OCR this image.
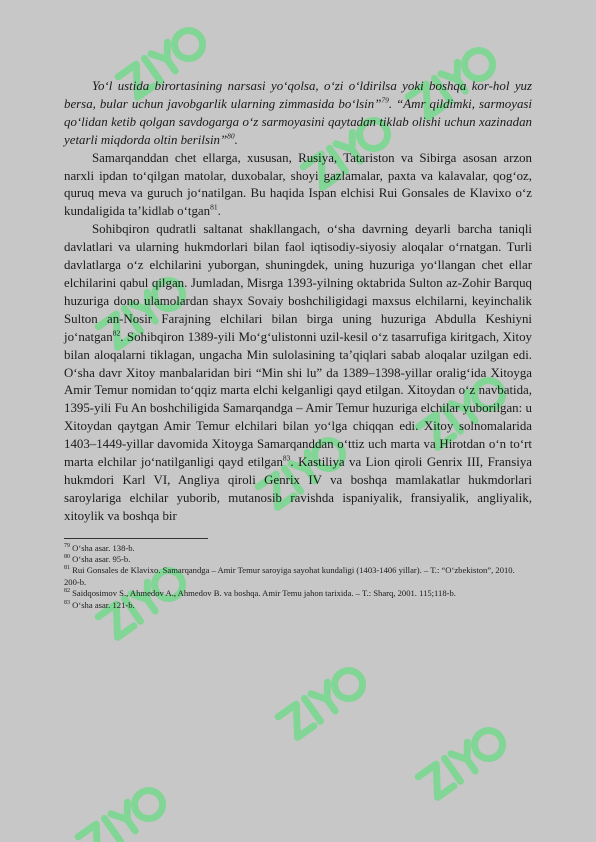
Yo‘l ustida birortasining narsasi yo‘qolsa, o‘zi o‘ldirilsa yoki boshqa kor-hol yuz bersa, bular uchun javobgarlik ularning zimmasida bo‘lsin”$^{79}$. “Amr qildimki, sarmoyasi qo‘lidan ketib qolgan savdogarga o‘z sarmoyasini qaytadan tiklab olishi uchun xazinadan yetarli miqdorda oltin berilsin”$^{80}$.

Samarqanddan chet ellarga, xususan, Rusiya, Tatariston va Sibirga asosan arzon narxli ipdan to‘qilgan matolar, duxobalar, shoyi gazlamalar, paxta va kalavalar, qog‘oz, quruq meva va guruch jo‘natilgan. Bu haqida Ispan elchisi Rui Gonsales de Klavixo o‘z kundaligida ta’kidlab o‘tgan$^{81}$.

Sohibqiron qudratli saltanat shakllangach, o‘sha davrning deyarli barcha taniqli davlatlari va ularning hukmdorlari bilan faol iqtisodiy-siyosiy aloqalar o‘rnatgan. Turli davlatlarga o‘z elchilarini yuborgan, shuningdek, uning huzuriga yo‘llangan chet ellar elchilarini qabul qilgan. Jumladan, Misrga 1393-yilning oktabrida Sulton az-Zohir Barquq huzuriga dono ulamolardan shayx Sovaiy boshchiligidagi maxsus elchilarni, keyinchalik Sulton an-Nosir Farajning elchilari bilan birga uning huzuriga Abdulla Keshiyni jo‘natgan$^{82}$. Sohibqiron 1389-yili Mo‘g‘ulistonni uzil-kesil o‘z tasarrufiga kiritgach, Xitoy bilan aloqalarni tiklagan, ungacha Min sulolasining ta’qiqlari sabab aloqalar uzilgan edi. O‘sha davr Xitoy manbalaridan biri “Min shi lu” da 1389–1398-yillar oralig‘ida Xitoyga Amir Temur nomidan to‘qqiz marta elchi kelganligi qayd etilgan. Xitoydan o‘z navbatida, 1395-yili Fu An boshchiligida Samarqandga – Amir Temur huzuriga elchilar yuborilgan: u Xitoydan qaytgan Amir Temur elchilari bilan yo‘lga chiqqan edi. Xitoy solnomalarida 1403–1449-yillar davomida Xitoyga Samarqanddan o‘ttiz uch marta va Hirotdan o‘n to‘rt marta elchilar jo‘natilganligi qayd etilgan$^{83}$. Kastiliya va Lion qiroli Genrix III, Fransiya hukmdori Karl VI, Angliya qiroli Genrix IV va boshqa mamlakatlar hukmdorlari saroylariga elchilar yuborib, mutanosib ravishda ispaniyalik, fransiyalik, angliyalik, xitoylik va boshqa bir

$^{79}$ O‘sha asar. 138-b.

$^{80}$ O‘sha asar. 95-b.

$^{81}$ Rui Gonsales de Klavixo. Samarqandga – Amir Temur saroyiga sayohat kundaligi (1403-1406 yillar). – T.: “O‘zbekiston”, 2010. 200-b.

$^{82}$ Saidqosimov S., Ahmedov A., Ahmedov B. va boshqa. Amir Temu jahon tarixida. – T.: Sharq, 2001. 115;118-b.

$^{83}$ O‘sha asar. 121-b.
